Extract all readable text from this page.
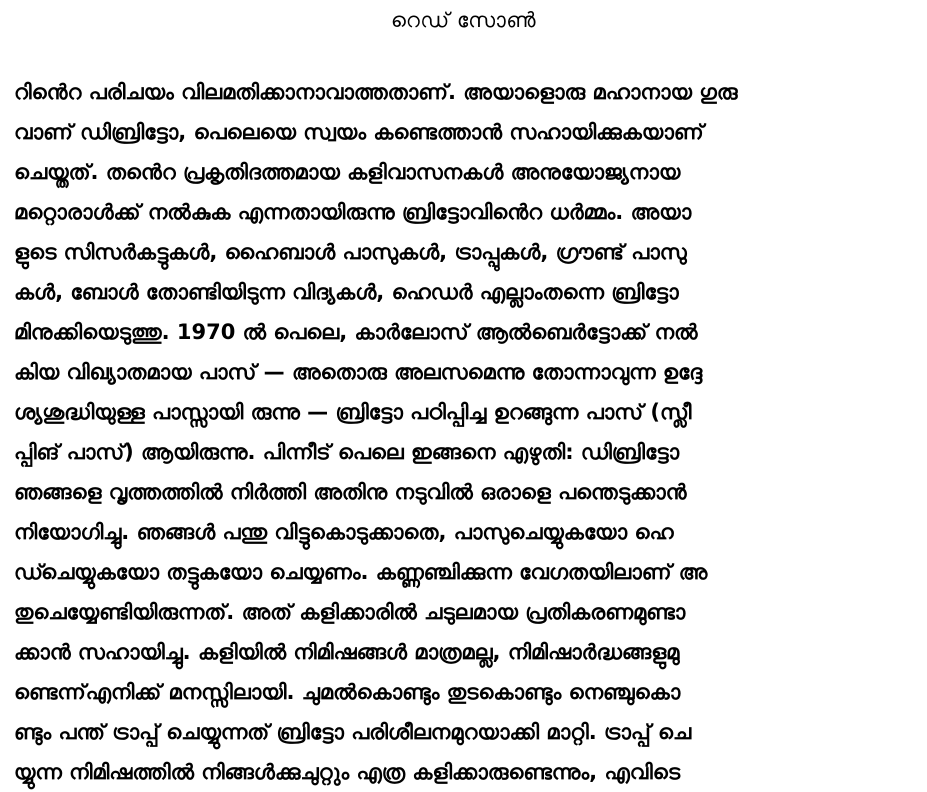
റെഡ് സോൺ
റിൻെറ പരിചയം വിലമതിക്കാനാവാത്തതാണ്. അയാളൊരു മഹാനായ ഗുരു
വാണ് ഡിബ്രിട്ടോ, പെലെയെ സ്വയം കണ്ടെത്താൻ സഹായിക്കുകയാണ്
ചെയ്തത്. തൻെറ പ്രകൃതിദത്തമായ കളിവാസനകൾ അനുയോജ്യനായ
മറ്റൊരാൾക്ക് നൽകുക എന്നതായിരുന്നു ബ്രിട്ടോവിൻെറ ധർമ്മം. അയാ
ളുടെ സിസർകട്ടുകൾ, ഹൈബാൾ പാസുകൾ, ട്രാപ്പുകൾ, ഗ്രൗണ്ട് പാസു
കൾ, ബോൾ തോണ്ടിയിടുന്ന വിദ്യകൾ, ഹെഡർ എല്ലാംതന്നെ ബ്രിട്ടോ
മിനുക്കിയെടുത്തു. 1970 ൽ പെലെ, കാർലോസ് ആൽബെർട്ടോക്ക് നൽ
കിയ വിഖ്യാതമായ പാസ് — അതൊരു അലസമെന്നു തോന്നാവുന്ന ഉദ്ദേ
ശ്യശുദ്ധിയുള്ള പാസ്സായി രുന്നു — ബ്രിട്ടോ പഠിപ്പിച്ച ഉറങ്ങുന്ന പാസ് (സ്ലീ
പ്പിങ് പാസ്) ആയിരുന്നു. പിന്നീട് പെലെ ഇങ്ങനെ എഴുതി: ഡിബ്രിട്ടോ
ഞങ്ങളെ വൃത്തത്തിൽ നിർത്തി അതിനു നടുവിൽ ഒരാളെ പന്തെടുക്കാൻ
നിയോഗിച്ചു. ഞങ്ങൾ പന്തു വിട്ടുകൊടുക്കാതെ, പാസുചെയ്യുകയോ ഹെ
ഡ്ചെയ്യുകയോ തട്ടുകയോ ചെയ്യണം. കണ്ണഞ്ചിക്കുന്ന വേഗതയിലാണ് അ
തുചെയ്യേണ്ടിയിരുന്നത്. അത് കളിക്കാരിൽ ചടുലമായ പ്രതികരണമുണ്ടാ
ക്കാൻ സഹായിച്ചു. കളിയിൽ നിമിഷങ്ങൾ മാത്രമല്ല, നിമിഷാർദ്ധങ്ങളുമു
ണ്ടെന്ന്എനിക്ക് മനസ്സിലായി. ചുമൽകൊണ്ടും തുടകൊണ്ടും നെഞ്ചുകൊ
ണ്ടും പന്ത് ട്രാപ്പ് ചെയ്യുന്നത് ബ്രിട്ടോ പരിശീലനമുറയാക്കി മാറ്റി. ട്രാപ്പ് ചെ
യ്യുന്ന നിമിഷത്തിൽ നിങ്ങൾക്കുചുറ്റും എത്ര കളിക്കാരുണ്ടെന്നും, എവിടെ
